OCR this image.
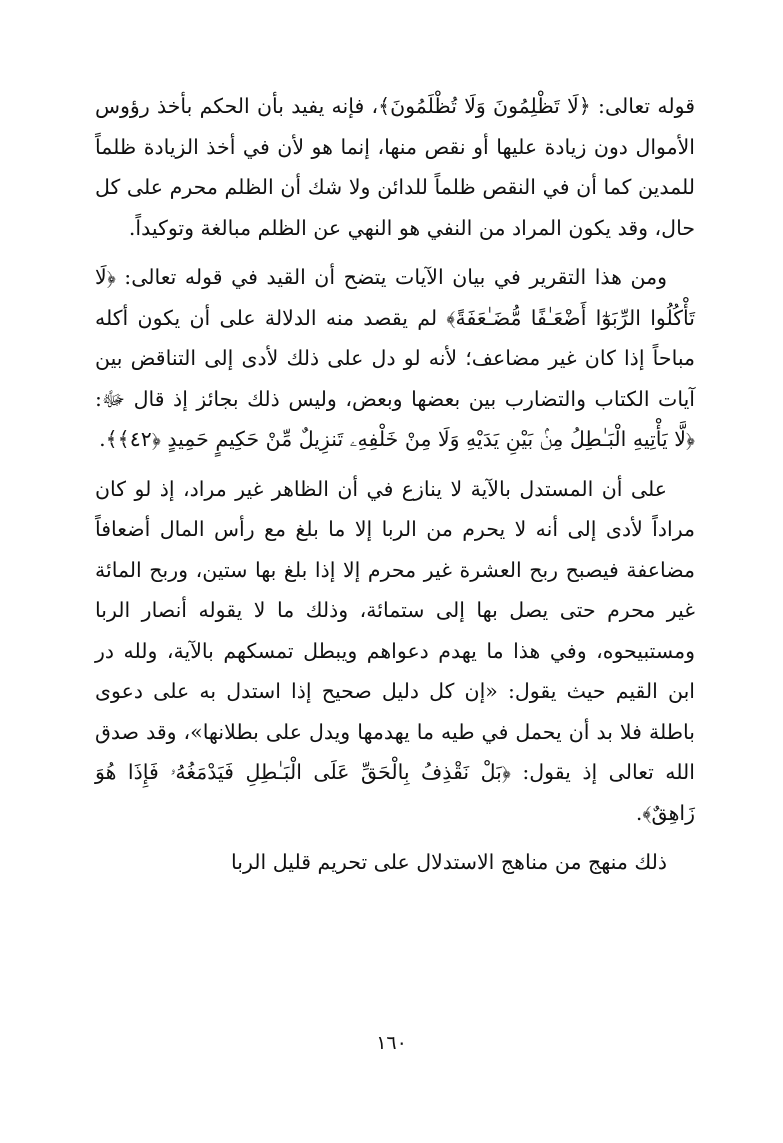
قوله تعالى: ﴿لَا تَظْلِمُونَ وَلَا تُظْلَمُونَ﴾، فإنه يفيد بأن الحكم بأخذ رؤوس الأموال دون زيادة عليها أو نقص منها، إنما هو لأن في أخذ الزيادة ظلماً للمدين كما أن في النقص ظلماً للدائن ولا شك أن الظلم محرم على كل حال، وقد يكون المراد من النفي هو النهي عن الظلم مبالغة وتوكيداً.

ومن هذا التقرير في بيان الآيات يتضح أن القيد في قوله تعالى: ﴿لَا تَأْكُلُوا الرِّبَوٰٓا أَضْعَـٰفًا مُّضَـٰعَفَةً﴾ لم يقصد منه الدلالة على أن يكون أكله مباحاً إذا كان غير مضاعف؛ لأنه لو دل على ذلك لأدى إلى التناقض بين آيات الكتاب والتضارب بين بعضها وبعض، وليس ذلك بجائز إذ قال ﷻ: ﴿لَّا يَأْتِيهِ الْبَـٰطِلُ مِنۢ بَيْنِ يَدَيْهِ وَلَا مِنْ خَلْفِهِۦ تَنزِيلٌ مِّنْ حَكِيمٍ حَمِيدٍ ﴿٤٢﴾﴾.

على أن المستدل بالآية لا ينازع في أن الظاهر غير مراد، إذ لو كان مراداً لأدى إلى أنه لا يحرم من الربا إلا ما بلغ مع رأس المال أضعافاً مضاعفة فيصبح ربح العشرة غير محرم إلا إذا بلغ بها ستين، وربح المائة غير محرم حتى يصل بها إلى ستمائة، وذلك ما لا يقوله أنصار الربا ومستبيحوه، وفي هذا ما يهدم دعواهم ويبطل تمسكهم بالآية، ولله در ابن القيم حيث يقول: «إن كل دليل صحيح إذا استدل به على دعوى باطلة فلا بد أن يحمل في طيه ما يهدمها ويدل على بطلانها»، وقد صدق الله تعالى إذ يقول: ﴿بَلْ نَقْذِفُ بِالْحَقِّ عَلَى الْبَـٰطِلِ فَيَدْمَغُهُۥ فَإِذَا هُوَ زَاهِقٌ﴾.

ذلك منهج من مناهج الاستدلال على تحريم قليل الربا

١٦٠
